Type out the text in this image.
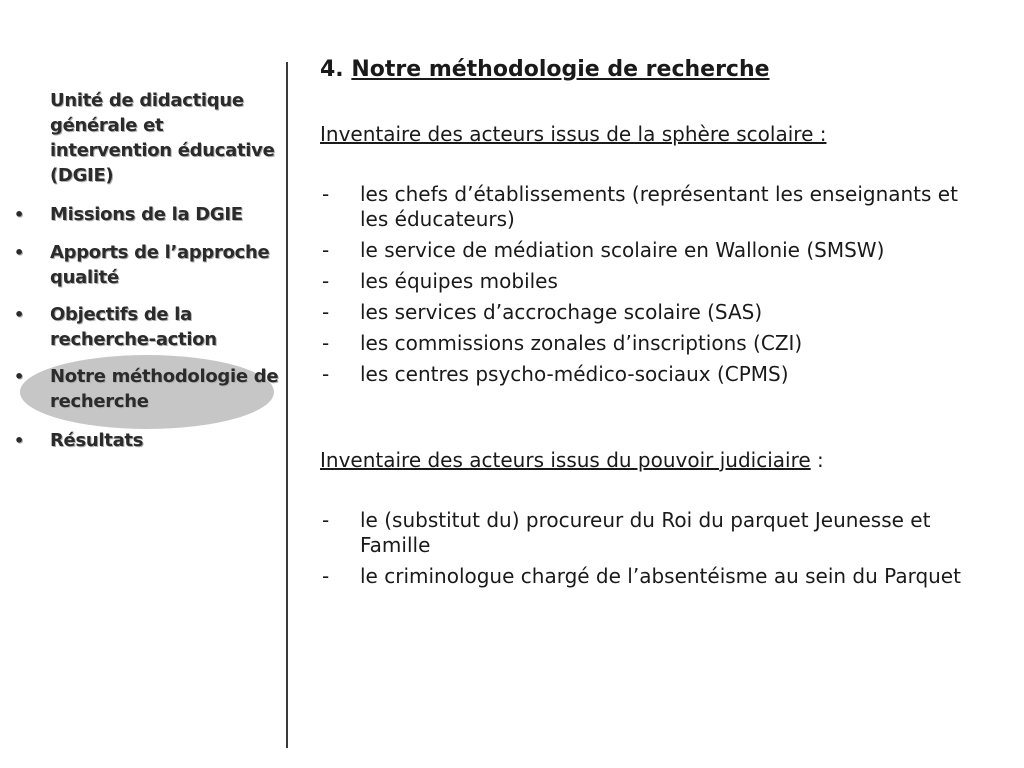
Unité de didactique générale et intervention éducative (DGIE)
• Missions de la DGIE
• Apports de l’approche qualité
• Objectifs de la recherche-action
• Notre méthodologie de recherche
• Résultats
4. Notre méthodologie de recherche
Inventaire des acteurs issus de la sphère scolaire :
- les chefs d’établissements (représentant les enseignants et les éducateurs)
- le service de médiation scolaire en Wallonie (SMSW)
- les équipes mobiles
- les services d’accrochage scolaire (SAS)
- les commissions zonales d’inscriptions (CZI)
- les centres psycho-médico-sociaux (CPMS)
Inventaire des acteurs issus du pouvoir judiciaire :
- le (substitut du) procureur du Roi du parquet Jeunesse et Famille
- le criminologue chargé de l’absentéisme au sein du Parquet
